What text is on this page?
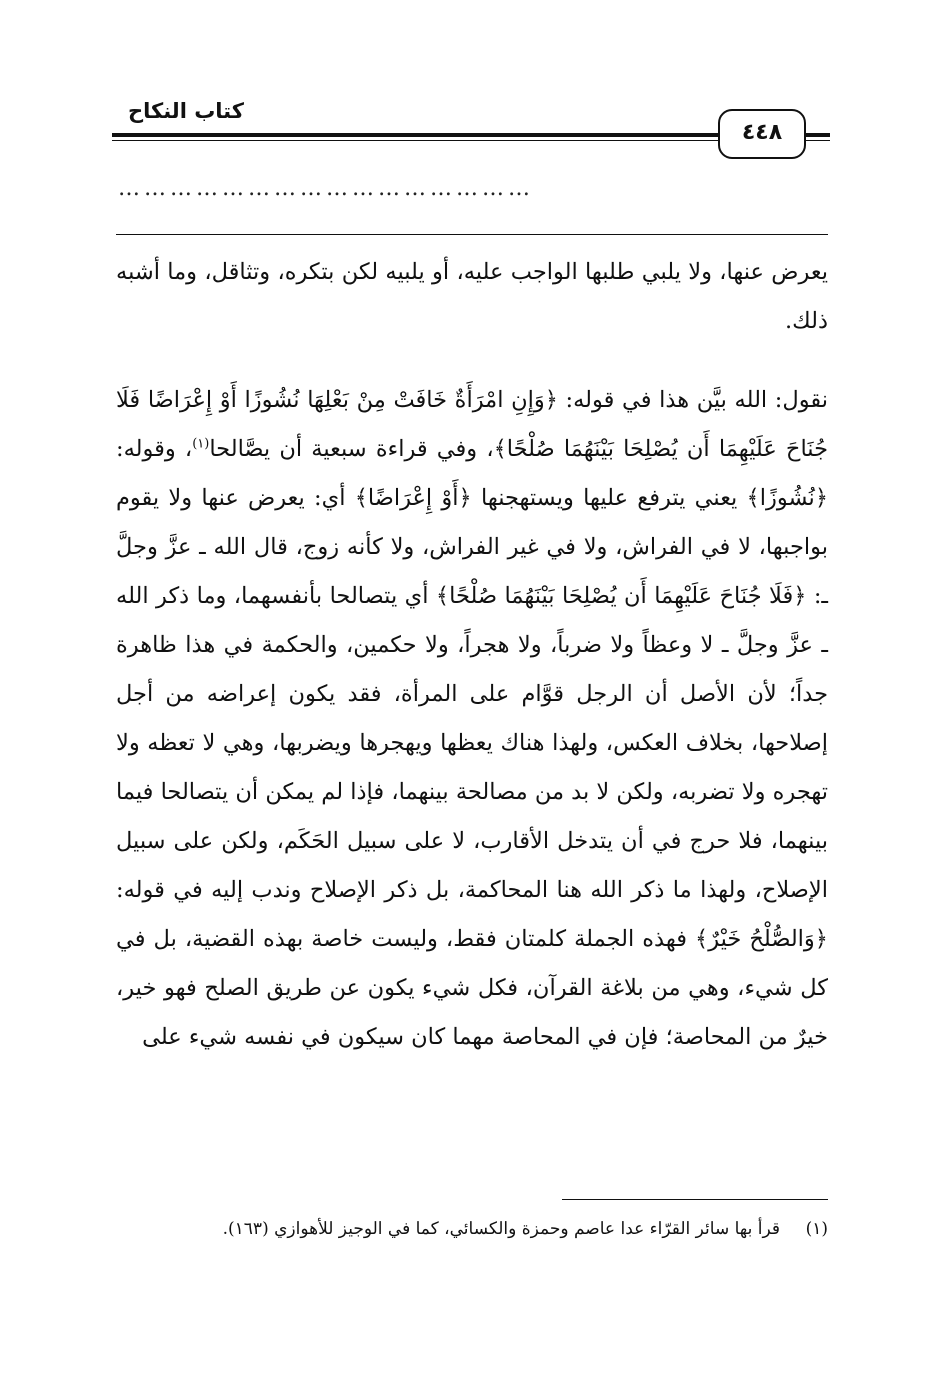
كتاب النكاح
٤٤٨
…………………………………………

يعرض عنها، ولا يلبي طلبها الواجب عليه، أو يلبيه لكن بتكره، وتثاقل، وما أشبه ذلك.

نقول: الله بيَّن هذا في قوله: ﴿وَإِنِ امْرَأَةٌ خَافَتْ مِنْ بَعْلِهَا نُشُوزًا أَوْ إِعْرَاضًا فَلَا جُنَاحَ عَلَيْهِمَا أَن يُصْلِحَا بَيْنَهُمَا صُلْحًا﴾، وفي قراءة سبعية أن يصَّالحا$^{(١)}$، وقوله: ﴿نُشُوزًا﴾ يعني يترفع عليها ويستهجنها ﴿أَوْ إِعْرَاضًا﴾ أي: يعرض عنها ولا يقوم بواجبها، لا في الفراش، ولا في غير الفراش، ولا كأنه زوج، قال الله ـ عزَّ وجلَّ ـ: ﴿فَلَا جُنَاحَ عَلَيْهِمَا أَن يُصْلِحَا بَيْنَهُمَا صُلْحًا﴾ أي يتصالحا بأنفسهما، وما ذكر الله ـ عزَّ وجلَّ ـ لا وعظاً ولا ضرباً، ولا هجراً، ولا حكمين، والحكمة في هذا ظاهرة جداً؛ لأن الأصل أن الرجل قوَّام على المرأة، فقد يكون إعراضه من أجل إصلاحها، بخلاف العكس، ولهذا هناك يعظها ويهجرها ويضربها، وهي لا تعظه ولا تهجره ولا تضربه، ولكن لا بد من مصالحة بينهما، فإذا لم يمكن أن يتصالحا فيما بينهما، فلا حرج في أن يتدخل الأقارب، لا على سبيل الحَكَم، ولكن على سبيل الإصلاح، ولهذا ما ذكر الله هنا المحاكمة، بل ذكر الإصلاح وندب إليه في قوله: ﴿وَالصُّلْحُ خَيْرٌ﴾ فهذه الجملة كلمتان فقط، وليست خاصة بهذه القضية، بل في كل شيء، وهي من بلاغة القرآن، فكل شيء يكون عن طريق الصلح فهو خير، خيرٌ من المحاصة؛ فإن في المحاصة مهما كان سيكون في نفسه شيء على

(١)قرأ بها سائر القرّاء عدا عاصم وحمزة والكسائي، كما في الوجيز للأهوازي (١٦٣).
